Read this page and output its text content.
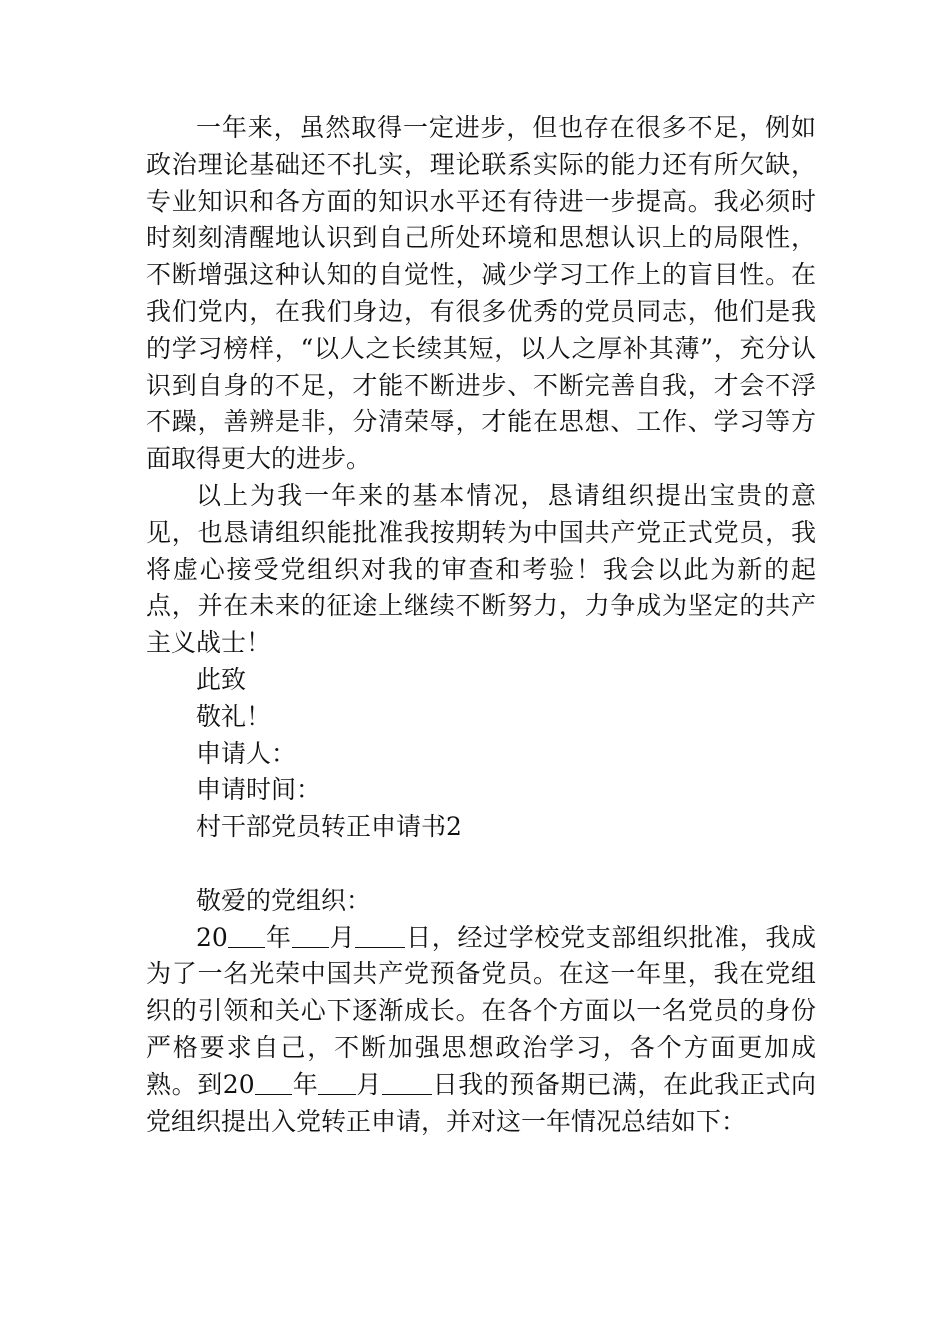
一年来，虽然取得一定进步，但也存在很多不足，例如政治理论基础还不扎实，理论联系实际的能力还有所欠缺，专业知识和各方面的知识水平还有待进一步提高。我必须时时刻刻清醒地认识到自己所处环境和思想认识上的局限性，不断增强这种认知的自觉性，减少学习工作上的盲目性。在我们党内，在我们身边，有很多优秀的党员同志，他们是我的学习榜样，“以人之长续其短，以人之厚补其薄”，充分认识到自身的不足，才能不断进步、不断完善自我，才会不浮不躁，善辨是非，分清荣辱，才能在思想、工作、学习等方面取得更大的进步。

以上为我一年来的基本情况，恳请组织提出宝贵的意见，也恳请组织能批准我按期转为中国共产党正式党员，我将虚心接受党组织对我的审查和考验！我会以此为新的起点，并在未来的征途上继续不断努力，力争成为坚定的共产主义战士！

此致
敬礼！
申请人：
申请时间：
村干部党员转正申请书2
敬爱的党组织：

20 年 月 日，经过学校党支部组织批准，我成为了一名光荣中国共产党预备党员。在这一年里，我在党组织的引领和关心下逐渐成长。在各个方面以一名党员的身份严格要求自己，不断加强思想政治学习，各个方面更加成熟。到20 年 月 日我的预备期已满，在此我正式向党组织提出入党转正申请，并对这一年情况总结如下：
